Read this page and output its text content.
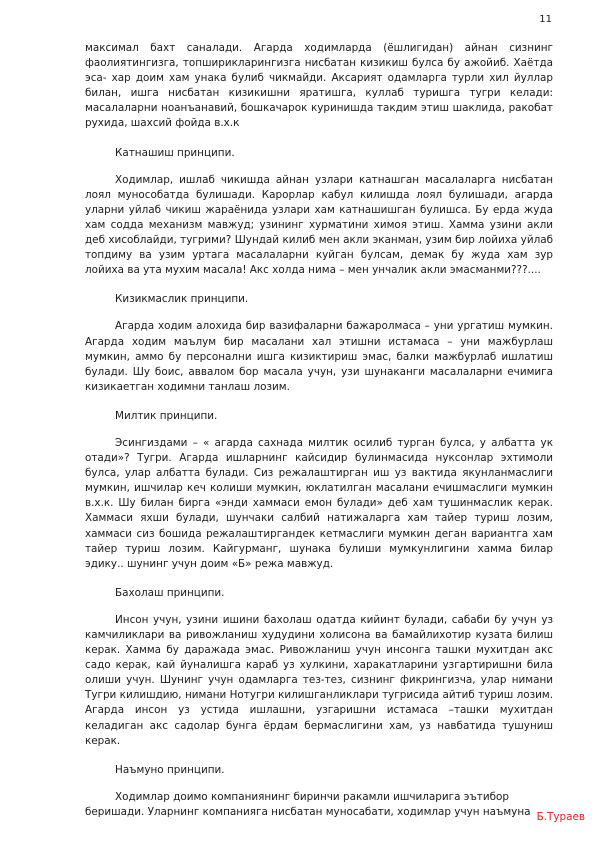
11

максимал бахт саналади. Агарда ходимларда (ёшлигидан) айнан сизнинг фаолиятингизга, топширикларингизга нисбатан кизикиш булса бу ажойиб. Хаётда эса- хар доим хам унака булиб чикмайди. Аксарият одамларга турли хил йуллар билан, ишга нисбатан кизикишни яратишга, куллаб туришга тугри келади: масалаларни ноанъанавий, бошкачарок куринишда такдим этиш шаклида, ракобат рухида, шахсий фойда в.х.к

Катнашиш принципи.

Ходимлар, ишлаб чикишда айнан узлари катнашган масалаларга нисбатан лоял мунособатда булишади. Карорлар кабул килишда лоял булишади, агарда уларни уйлаб чикиш жараёнида узлари хам катнашишган булишса. Бу ерда жуда хам содда механизм мавжуд; узининг хурматини химоя этиш. Хамма узини акли деб хисоблайди, тугрими? Шундай килиб мен акли эканман, узим бир лойиха уйлаб топдиму ва узим уртага масалаларни куйган булсам, демак бу жуда хам зур лойиха ва ута мухим масала! Акс холда нима – мен унчалик акли эмасманми???....

Кизикмаслик принципи.

Агарда ходим алохида бир вазифаларни бажаролмаса – уни ургатиш мумкин. Агарда ходим маълум бир масалани хал этишни истамаса – уни мажбурлаш мумкин, аммо бу персонални ишга кизиктириш эмас, балки мажбурлаб ишлатиш булади. Шу боис, аввалом бор масала учун, узи шунаканги масалаларни ечимига кизикаетган ходимни танлаш лозим.

Милтик принципи.

Эсингиздами – « агарда сахнада милтик осилиб турган булса, у албатта ук отади»? Тугри. Агарда ишларнинг кайсидир булинмасида нуксонлар эхтимоли булса, улар албатта булади. Сиз режалаштирган иш уз вактида якунланмаслиги мумкин, ишчилар кеч колиши мумкин, юклатилган масалани ечишмаслиги мумкин в.х.к. Шу билан бирга «энди хаммаси емон булади» деб хам тушинмаслик керак. Хаммаси яхши булади, шунчаки салбий натижаларга хам тайер туриш лозим, хаммаси сиз бошида режалаштиргандек кетмаслиги мумкин деган вариантга хам тайер туриш лозим. Кайгурманг, шунака булиши мумкунлигини хамма билар эдику.. шунинг учун доим «Б» режа мавжуд.

Бахолаш принципи.

Инсон учун, узини ишини бахолаш одатда кийинт булади, сабаби бу учун уз камчиликлари ва ривожланиш худудини холисона ва бамайлихотир кузата билиш керак. Хамма бу даражада эмас. Ривожланиш учун инсонга ташки мухитдан акс садо керак, кай йуналишга караб уз хулкини, харакатларини узгартиришни била олиши учун. Шунинг учун одамларга тез-тез, сизнинг фикрингизча, улар нимани Тугри килишдию, нимани Нотугри килишганликлари тугрисида айтиб туриш лозим. Агарда инсон уз устида ишлашни, узгаришни истамаса –ташки мухитдан келадиган акс садолар бунга ёрдам бермаслигини хам, уз навбатида тушуниш керак.

Наъмуно принципи.

Ходимлар доимо компаниянинг биринчи ракамли ишчиларига эътибор

беришади. Уларнинг компанияга нисбатан муносабати, ходимлар учун наъмуна Б.Тураев
